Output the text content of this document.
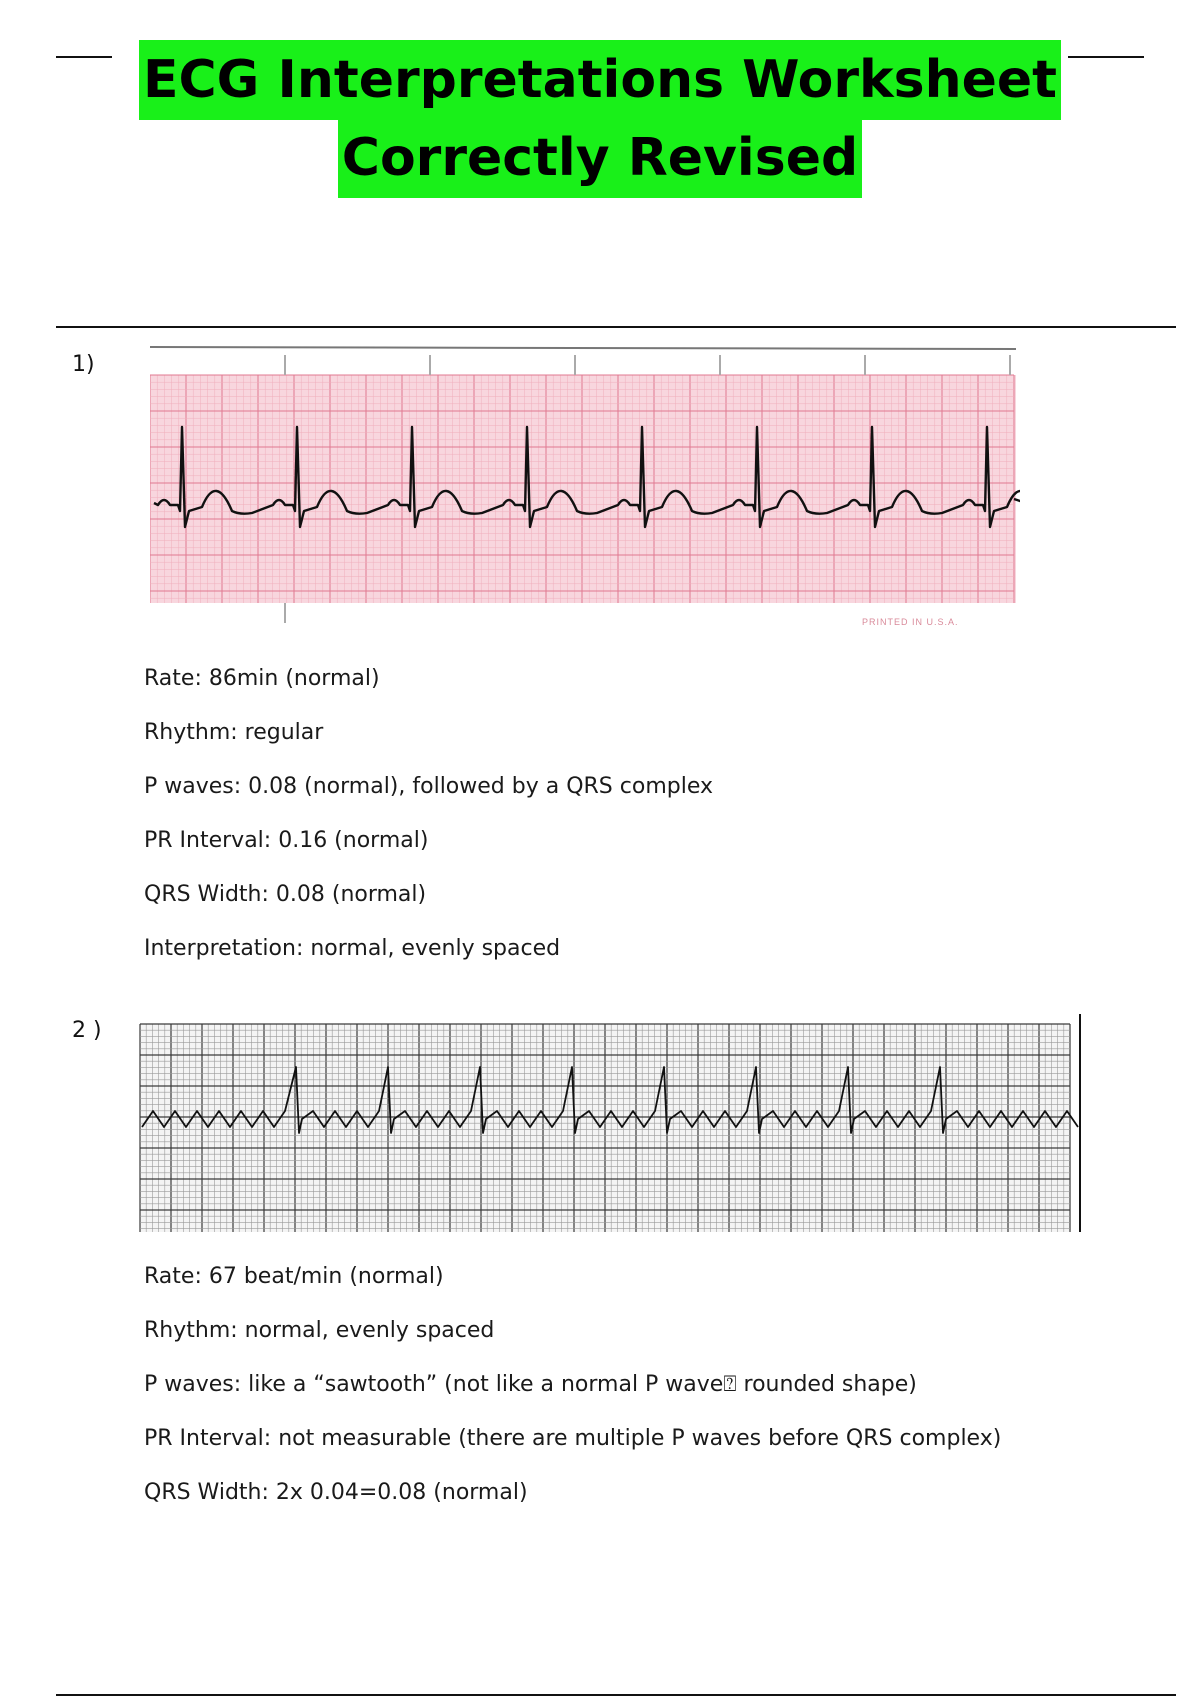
ECG Interpretations Worksheet
Correctly Revised
1)
PRINTED IN U.S.A.
Rate: 86min (normal)
Rhythm: regular
P waves: 0.08 (normal), followed by a QRS complex
PR Interval: 0.16 (normal)
QRS Width: 0.08 (normal)
Interpretation: normal, evenly spaced
2 )
Rate: 67 beat/min (normal)
Rhythm: normal, evenly spaced
P waves: like a “sawtooth” (not like a normal P wave⍰ rounded shape)
PR Interval: not measurable (there are multiple P waves before QRS complex)
QRS Width: 2x 0.04=0.08 (normal)
